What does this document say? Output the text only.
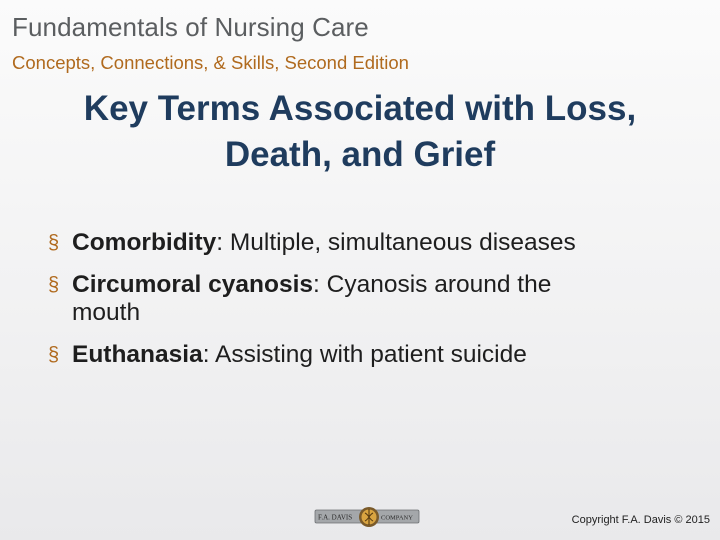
Fundamentals of Nursing Care
Concepts, Connections, & Skills, Second Edition
Key Terms Associated with Loss, Death, and Grief
§ Comorbidity: Multiple, simultaneous diseases
§ Circumoral cyanosis: Cyanosis around the
mouth
§ Euthanasia: Assisting with patient suicide
F.A. DAVIS	COMPANY	Copyright F.A. Davis © 2015
